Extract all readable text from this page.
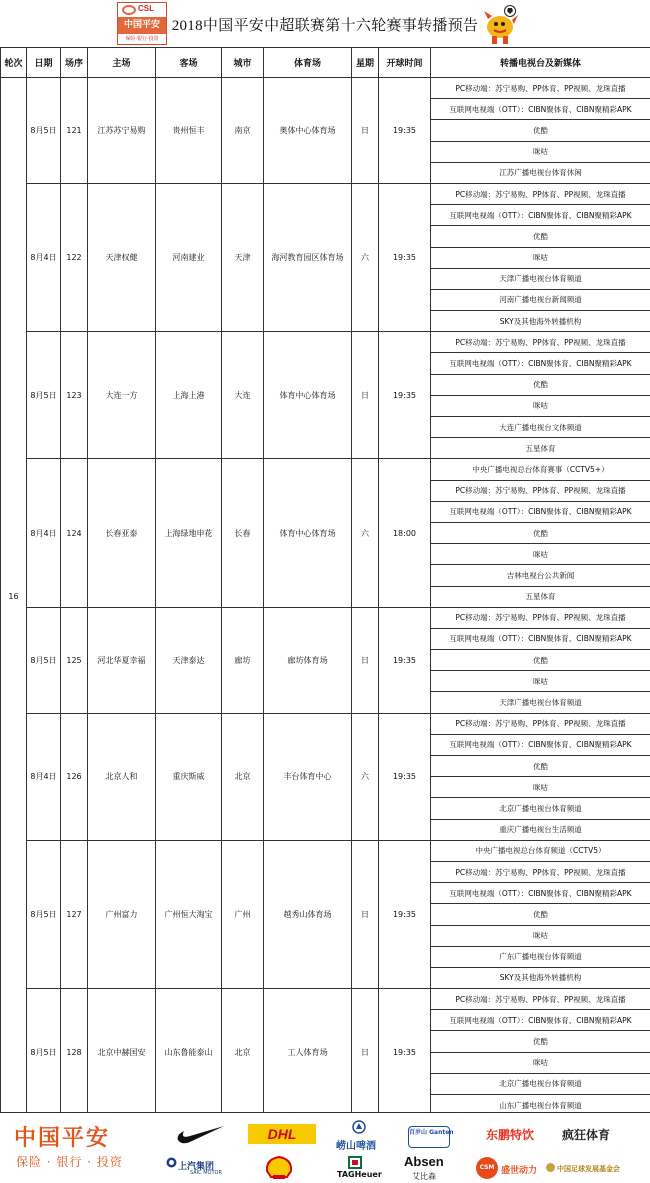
CSL
中国平安
保险·银行·投资
2018中国平安中超联赛第十六轮赛事转播预告
轮次	日期	场序	主场	客场	城市	体育场	星期	开球时间	转播电视台及新媒体
16	8月5日	121	江苏苏宁易购	贵州恒丰	南京	奥体中心体育场	日	19:35	PC移动端：苏宁易购、PP体育、PP视频、龙珠直播
									互联网电视端（OTT）：CIBN聚体育、CIBN聚精彩APK
									优酷
									咪咕
									江苏广播电视台体育休闲
	8月4日	122	天津权健	河南建业	天津	海河教育园区体育场	六	19:35	PC移动端：苏宁易购、PP体育、PP视频、龙珠直播
									互联网电视端（OTT）：CIBN聚体育、CIBN聚精彩APK
									优酷
									咪咕
									天津广播电视台体育频道
									河南广播电视台新闻频道
									SKY及其他海外转播机构
	8月5日	123	大连一方	上海上港	大连	体育中心体育场	日	19:35	PC移动端：苏宁易购、PP体育、PP视频、龙珠直播
									互联网电视端（OTT）：CIBN聚体育、CIBN聚精彩APK
									优酷
									咪咕
									大连广播电视台文体频道
									五星体育
	8月4日	124	长春亚泰	上海绿地申花	长春	体育中心体育场	六	18:00	中央广播电视总台体育赛事（CCTV5+）
									PC移动端：苏宁易购、PP体育、PP视频、龙珠直播
									互联网电视端（OTT）：CIBN聚体育、CIBN聚精彩APK
									优酷
									咪咕
									吉林电视台公共新闻
									五星体育
	8月5日	125	河北华夏幸福	天津泰达	廊坊	廊坊体育场	日	19:35	PC移动端：苏宁易购、PP体育、PP视频、龙珠直播
									互联网电视端（OTT）：CIBN聚体育、CIBN聚精彩APK
									优酷
									咪咕
									天津广播电视台体育频道
	8月4日	126	北京人和	重庆斯威	北京	丰台体育中心	六	19:35	PC移动端：苏宁易购、PP体育、PP视频、龙珠直播
									互联网电视端（OTT）：CIBN聚体育、CIBN聚精彩APK
									优酷
									咪咕
									北京广播电视台体育频道
									重庆广播电视台生活频道
	8月5日	127	广州富力	广州恒大淘宝	广州	越秀山体育场	日	19:35	中央广播电视总台体育频道（CCTV5）
									PC移动端：苏宁易购、PP体育、PP视频、龙珠直播
									互联网电视端（OTT）：CIBN聚体育、CIBN聚精彩APK
									优酷
									咪咕
									广东广播电视台体育频道
									SKY及其他海外转播机构
	8月5日	128	北京中赫国安	山东鲁能泰山	北京	工人体育场	日	19:35	PC移动端：苏宁易购、PP体育、PP视频、龙珠直播
									互联网电视端（OTT）：CIBN聚体育、CIBN聚精彩APK
									优酷
									咪咕
									北京广播电视台体育频道
									山东广播电视台体育频道
中国平安
保险 · 银行 · 投资
DHL
上汽集团
SAIC MOTOR
崂山啤酒
百岁山 Ganten
TAGHeuer
Absen
艾比森
东鹏特饮 疯狂体育
CSM 盛世动力	中国足球发展基金会
